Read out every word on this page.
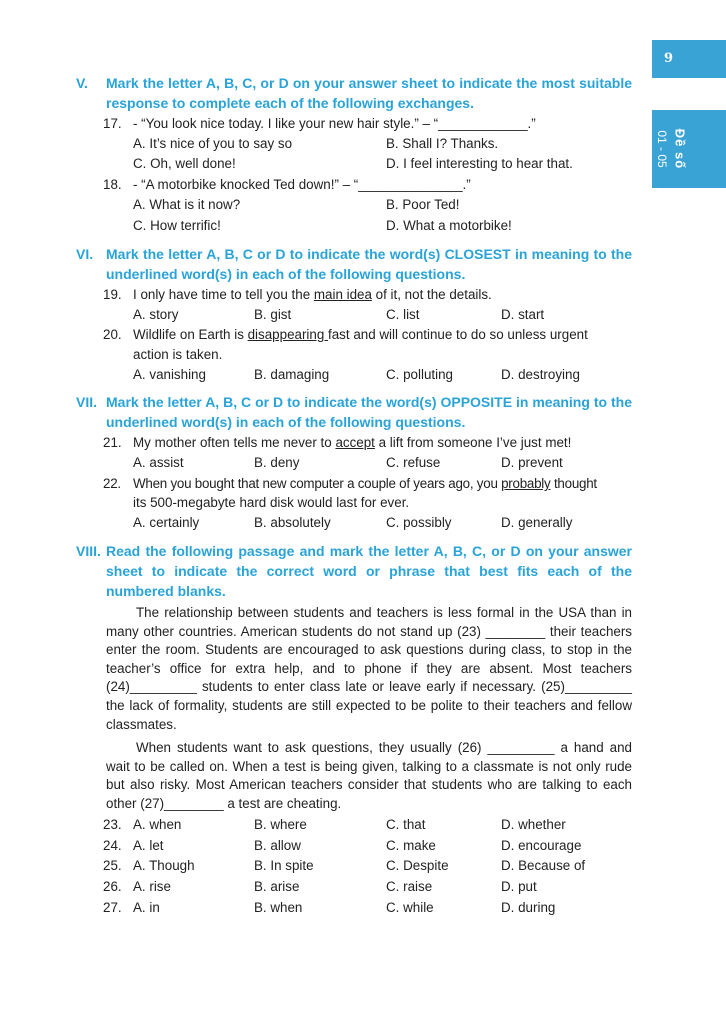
9
Đề số
01 - 05
V.	Mark the letter A, B, C, or D on your answer sheet to indicate the most suitable response to complete each of the following exchanges.
17. - “You look nice today. I like your new hair style.” – “____________.”
A. It’s nice of you to say so	B. Shall I? Thanks.
C. Oh, well done!	D. I feel interesting to hear that.
18. - “A motorbike knocked Ted down!” – “______________.”
A. What is it now?	B. Poor Ted!
C. How terrific!	D. What a motorbike!
VI. Mark the letter A, B, C or D to indicate the word(s) CLOSEST in meaning to the underlined word(s) in each of the following questions.
19. I only have time to tell you the main idea of it, not the details.
A. story	B. gist	C. list	D. start
20. Wildlife on Earth is disappearing fast and will continue to do so unless urgent
action is taken.
A. vanishing	B. damaging	C. polluting	D. destroying
VII. Mark the letter A, B, C or D to indicate the word(s) OPPOSITE in meaning to the underlined word(s) in each of the following questions.
21. My mother often tells me never to accept a lift from someone I’ve just met!
A. assist	B. deny	C. refuse	D. prevent
22. When you bought that new computer a couple of years ago, you probably thought
its 500-megabyte hard disk would last for ever.
A. certainly	B. absolutely	C. possibly	D. generally
VIII. Read the following passage and mark the letter A, B, C, or D on your answer sheet to indicate the correct word or phrase that best fits each of the numbered blanks.
The relationship between students and teachers is less formal in the USA than in many other countries. American students do not stand up (23) ________ their teachers enter the room. Students are encouraged to ask questions during class, to stop in the teacher’s office for extra help, and to phone if they are absent. Most teachers (24)_________ students to enter class late or leave early if necessary. (25)_________ the lack of formality, students are still expected to be polite to their teachers and fellow classmates.
When students want to ask questions, they usually (26) _________ a hand and wait to be called on. When a test is being given, talking to a classmate is not only rude but also risky. Most American teachers consider that students who are talking to each other (27)________ a test are cheating.
23. A. when	B. where	C. that	D. whether
24. A. let	B. allow	C. make	D. encourage
25. A. Though	B. In spite	C. Despite	D. Because of
26. A. rise	B. arise	C. raise	D. put
27. A. in	B. when	C. while	D. during
